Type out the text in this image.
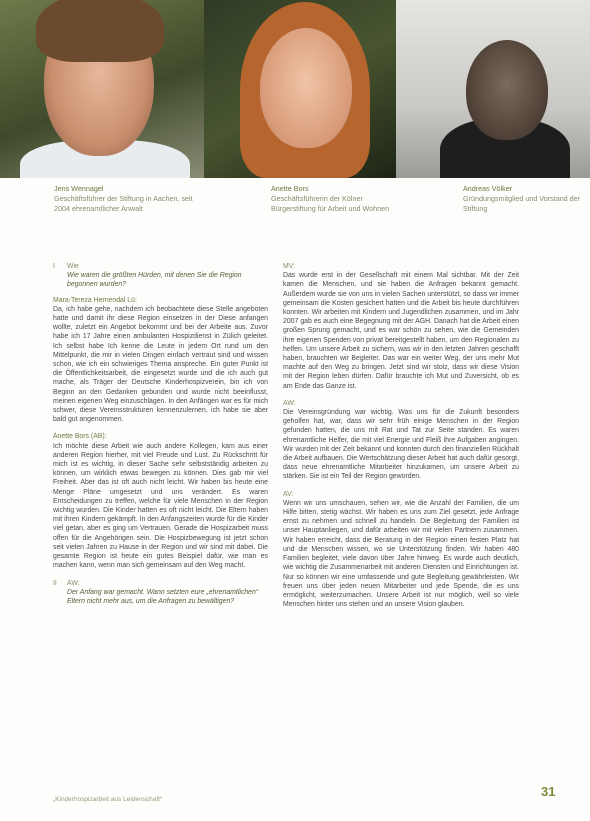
Jens Wennagel
Geschäftsführer der Stiftung in Aachen, seit 2004 ehrenamtlicher Anwalt
Anette Bors
Geschäftsführerin der Kölner Bürgerstiftung für Arbeit und Wohnen
Andreas Völker
Gründungsmitglied und Vorstand der Stiftung
I	Wie
Wie waren die größten Hürden, mit denen Sie die Region begonnen wurden?
Mara-Tereza Hernendal Lü:

Da, ich habe gehe, nachdem ich beobachtete diese Stelle angeboten hatte und damit ihr diese Region einsetzen in der Diese anfangen wollte, zuletzt ein Angebot bekommt und bei der Arbeite aus. Zuvor habe ich 17 Jahre einen ambulanten Hospizdienst in Zülich geleitet. Ich selbst habe Ich kenne die Leute in jedem Ort rund um den Mittelpunkt, die mir in vielen Dingen einfach vertraut sind und wissen schon, wie ich ein schwieriges Thema anspreche. Ein guter Punkt ist die Öffentlichkeitsarbeit, die eingesetzt wurde und die ich auch gut mache, als Träger der Deutsche Kinderhospizverein, bin ich von Beginn an den Gedanken gebunden und wurde nicht beeinflusst, meinen eigenen Weg einzuschlagen. In den Anfängen war es für mich schwer, diese Vereinsstrukturen kennenzulernen, ich habe sie aber bald gut angenommen.

Anette Bors (AB):

Ich möchte diese Arbeit wie auch andere Kollegen, kam aus einer anderen Region hierher, mit viel Freude und Lust. Zu Rückschritt für mich ist es wichtig, in dieser Sache sehr selbstständig arbeiten zu können, um wirklich etwas bewegen zu können. Dies gab mir viel Freiheit. Aber das ist oft auch nicht leicht. Wir haben bis heute eine Menge Pläne umgesetzt und uns verändert. Es waren Entscheidungen zu treffen, welche für viele Menschen in der Region wichtig wurden. Die Kinder hatten es oft nicht leicht. Die Eltern haben mit ihren Kindern gekämpft. In den Anfangszeiten wurde für die Kinder viel getan, aber es ging um Vertrauen. Gerade die Hospizarbeit muss offen für die Angehörigen sein. Die Hospizbewegung ist jetzt schon seit vielen Jahren zu Hause in der Region und wir sind mit dabei. Die gesamte Region ist heute ein gutes Beispiel dafür, wie man es machen kann, wenn man sich gemeinsam auf den Weg macht.

II	AW:
Der Anfang war gemacht. Wann setzten eure „ehrenamtlichen“ Eltern nicht mehr aus, um die Anfragen zu bewältigen?
MV:

Das wurde erst in der Gesellschaft mit einem Mal sichtbar. Mit der Zeit kamen die Menschen, und sie haben die Anfragen bekannt gemacht. Außerdem wurde sie von uns in vielen Sachen unterstützt, so dass wir immer gemeinsam die Kosten gesichert hatten und die Arbeit bis heute durchführen konnten. Wir arbeiten mit Kindern und Jugendlichen zusammen, und im Jahr 2007 gab es auch eine Begegnung mit der AGH. Danach hat die Arbeit einen großen Sprung gemacht, und es war schön zu sehen, wie die Gemeinden ihre eigenen Spenden von privat bereitgestellt haben, um den Regionalen zu helfen. Um unsere Arbeit zu sichern, was wir in den letzten Jahren geschafft haben, brauchten wir Begleiter. Das war ein weiter Weg, der uns mehr Mut machte auf den Weg zu bringen. Jetzt sind wir stolz, dass wir diese Vision mit der Region leben dürfen. Dafür brauchte ich Mut und Zuversicht, ob es am Ende das Ganze ist.

AW:

Die Vereinsgründung war wichtig. Was uns für die Zukunft besonders geholfen hat, war, dass wir sehr früh einige Menschen in der Region gefunden hatten, die uns mit Rat und Tat zur Seite standen. Es waren ehrenamtliche Helfer, die mit viel Energie und Fleiß ihre Aufgaben angingen. Wir wurden mit der Zeit bekannt und konnten durch den finanziellen Rückhalt die Arbeit aufbauen. Die Wertschätzung dieser Arbeit hat auch dafür gesorgt, dass neue ehrenamtliche Mitarbeiter hinzukamen, um unsere Arbeit zu stärken. Sie ist ein Teil der Region geworden.

AV:

Wenn wir uns umschauen, sehen wir, wie die Anzahl der Familien, die um Hilfe bitten, stetig wächst. Wir haben es uns zum Ziel gesetzt, jede Anfrage ernst zu nehmen und schnell zu handeln. Die Begleitung der Familien ist unser Hauptanliegen, und dafür arbeiten wir mit vielen Partnern zusammen. Wir haben erreicht, dass die Beratung in der Region einen festen Platz hat und die Menschen wissen, wo sie Unterstützung finden. Wir haben 480 Familien begleitet, viele davon über Jahre hinweg. Es wurde auch deutlich, wie wichtig die Zusammenarbeit mit anderen Diensten und Einrichtungen ist. Nur so können wir eine umfassende und gute Begleitung gewährleisten. Wir freuen uns über jeden neuen Mitarbeiter und jede Spende, die es uns ermöglicht, weiterzumachen. Unsere Arbeit ist nur möglich, weil so viele Menschen hinter uns stehen und an unsere Vision glauben.

„Kinderhospizarbeit aus Leidenschaft“
31
